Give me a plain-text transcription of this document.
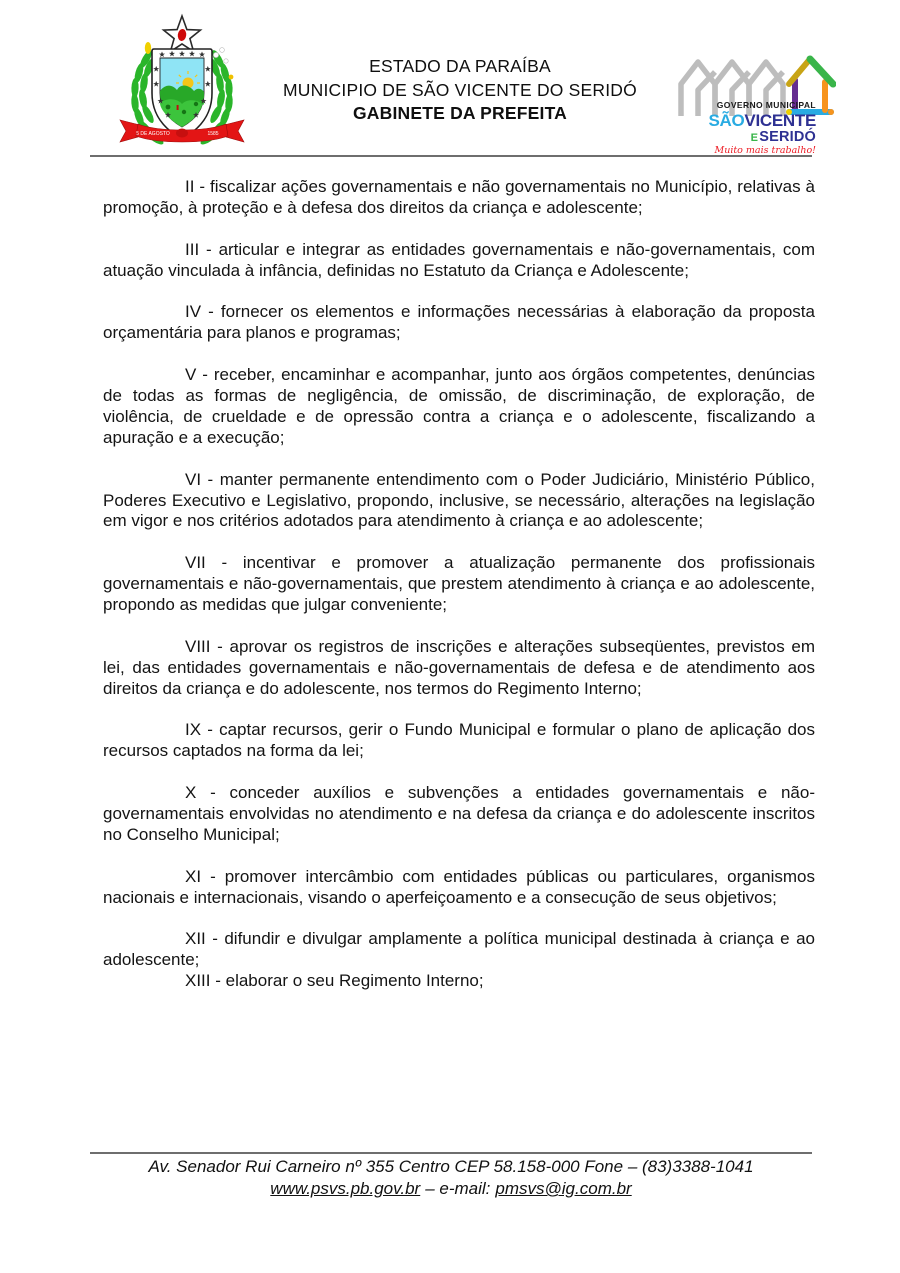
5 DE AGOSTO	1585
ESTADO DA PARAÍBA
MUNICIPIO DE SÃO VICENTE DO SERIDÓ
GABINETE DA PREFEITA	GOVERNO MUNICIPAL
SÃOVICENTE
ESERIDÓ
Muito mais trabalho!

II - fiscalizar ações governamentais e não governamentais no Município, relativas à promoção, à proteção e à defesa dos direitos da criança e adolescente;

III - articular e integrar as entidades governamentais e não-governamentais, com atuação vinculada à infância, definidas no Estatuto da Criança e Adolescente;

IV - fornecer os elementos e informações necessárias à elaboração da proposta orçamentária para planos e programas;

V - receber, encaminhar e acompanhar, junto aos órgãos competentes, denúncias de todas as formas de negligência, de omissão, de discriminação, de exploração, de violência, de crueldade e de opressão contra a criança e o adolescente, fiscalizando a apuração e a execução;

VI - manter permanente entendimento com o Poder Judiciário, Ministério Público, Poderes Executivo e Legislativo, propondo, inclusive, se necessário, alterações na legislação em vigor e nos critérios adotados para atendimento à criança e ao adolescente;

VII - incentivar e promover a atualização permanente dos profissionais governamentais e não-governamentais, que prestem atendimento à criança e ao adolescente, propondo as medidas que julgar conveniente;

VIII - aprovar os registros de inscrições e alterações subseqüentes, previstos em lei, das entidades governamentais e não-governamentais de defesa e de atendimento aos direitos da criança e do adolescente, nos termos do Regimento Interno;

IX - captar recursos, gerir o Fundo Municipal e formular o plano de aplicação dos recursos captados na forma da lei;

X - conceder auxílios e subvenções a entidades governamentais e não-governamentais envolvidas no atendimento e na defesa da criança e do adolescente inscritos no Conselho Municipal;

XI - promover intercâmbio com entidades públicas ou particulares, organismos nacionais e internacionais, visando o aperfeiçoamento e a consecução de seus objetivos;

XII - difundir e divulgar amplamente a política municipal destinada à criança e ao adolescente;

XIII - elaborar o seu Regimento Interno;

Av. Senador Rui Carneiro nº 355 Centro CEP 58.158-000 Fone – (83)3388-1041
www.psvs.pb.gov.br – e-mail: pmsvs@ig.com.br
